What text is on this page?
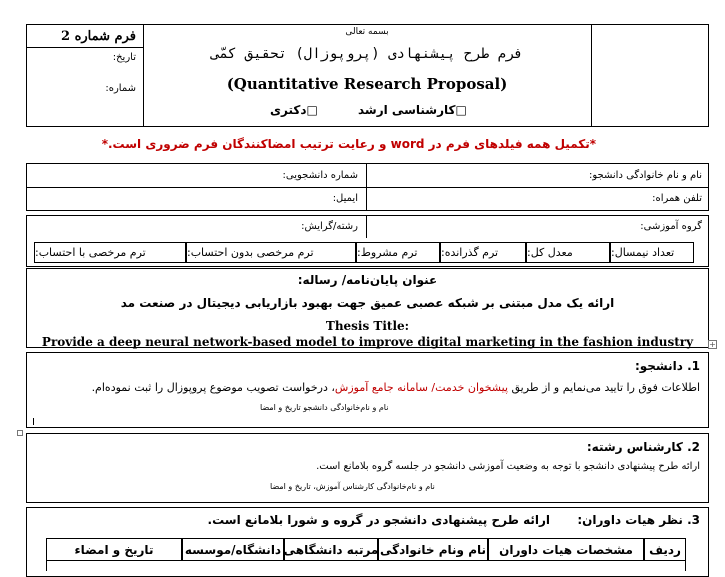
فرم شماره 2
تاریخ:
شماره:
بسمه تعالی
فرم طرح پیشنهادی (پروپوزال) تحقیق کمّی
(Quantitative Research Proposal)
□کارشناسی ارشد
□دکتری
*تکمیل همه فیلدهای فرم در word و رعایت ترتیب امضاکنندگان فرم ضروری است.*
نام و نام خانوادگی دانشجو:
شماره دانشجویی:
تلفن همراه:
ایمیل:
گروه آموزشی:
رشته/گرایش:
تعداد نیمسال:
معدل کل:
ترم گذرانده:
ترم مشروط:
ترم مرخصی بدون احتساب:
ترم مرخصی با احتساب:
عنوان پایان‌نامه/ رساله:
ارائه یک مدل مبتنی بر شبکه عصبی عمیق جهت بهبود بازاریابی دیجیتال در صنعت مد
Thesis Title:
Provide a deep neural network-based model to improve digital marketing in the fashion industry +
1. دانشجو:
اطلاعات فوق را تایید می‌نمایم و از طریق پیشخوان خدمت/ سامانه جامع آموزش، درخواست تصویب موضوع پروپوزال را ثبت نموده‌ام.
نام و نام‌خانوادگی دانشجو تاریخ و امضا
2. کارشناس رشته:
ارائه طرح پیشنهادی دانشجو با توجه به وضعیت آموزشی دانشجو در جلسه گروه بلامانع است.
نام و نام‌خانوادگی کارشناس آموزش، تاریخ و امضا
3. نظر هیات داوران:
ارائه طرح پیشنهادی دانشجو در گروه و شورا بلامانع است.
ردیف
مشخصات هیات داوران
نام ونام خانوادگی
مرتبه دانشگاهی
دانشگاه/موسسه
تاریخ و امضاء
